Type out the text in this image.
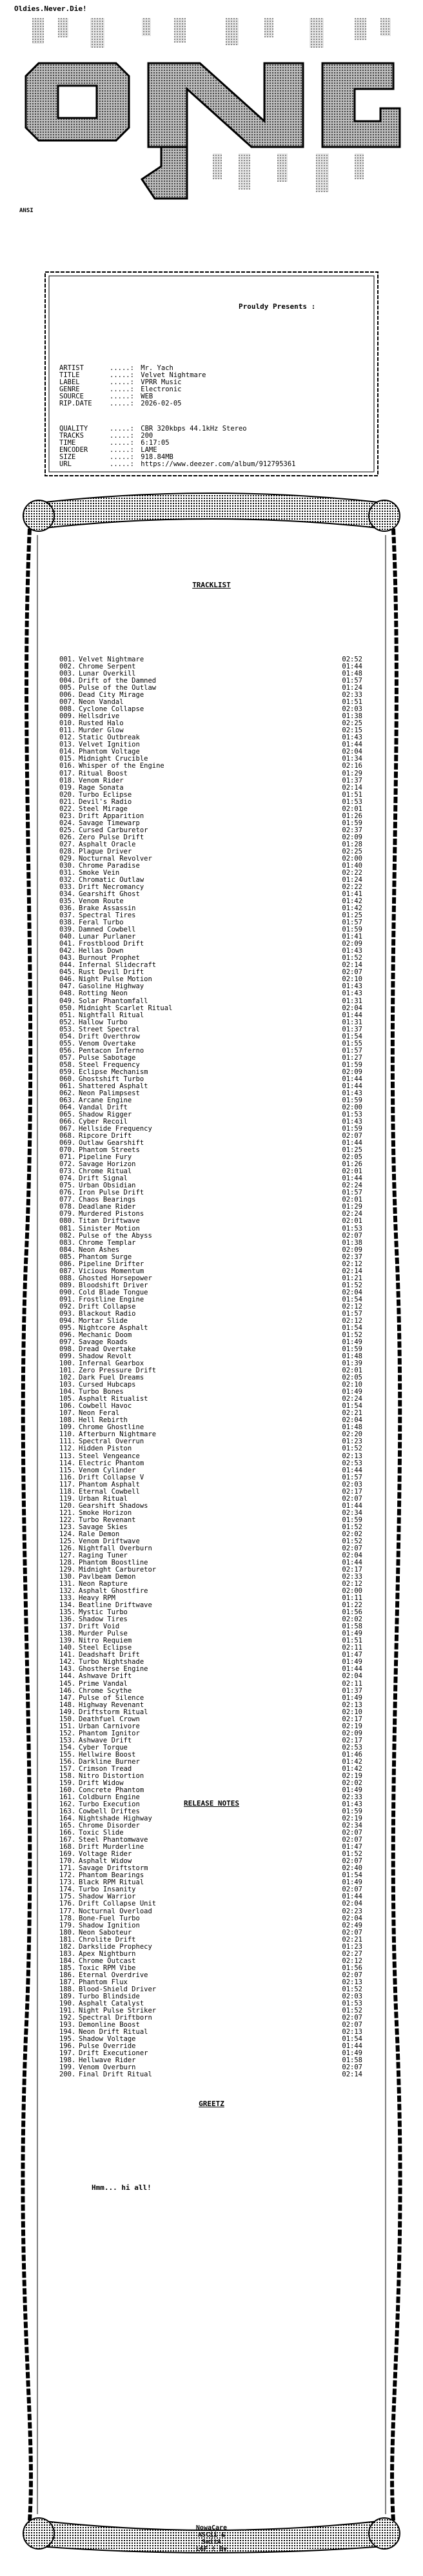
Oldies.Never.Die!
ANSI
Prouldy Presents :
ARTIST	.....: Mr. Yach
TITLE	.....: Velvet Nightmare
LABEL	.....: VPRR Music
GENRE	.....: Electronic
SOURCE	.....: WEB
RIP.DATE	.....: 2026-02-05
QUALITY	.....: CBR 320kbps 44.1kHz Stereo
TRACKS	.....: 200
TIME	.....: 6:17:05
ENCODER	.....: LAME
SIZE	.....: 918.84MB
URL	.....: https://www.deezer.com/album/912795361
TRACKLIST
001. Velvet Nightmare	02:52
002. Chrome Serpent	01:44
003. Lunar Overkill	01:48
004. Drift of the Damned	01:57
005. Pulse of the Outlaw	01:24
006. Dead City Mirage	02:33
007. Neon Vandal	01:51
008. Cyclone Collapse	02:03
009. Hellsdrive	01:38
010. Rusted Halo	02:25
011. Murder Glow	02:15
012. Static Outbreak	01:43
013. Velvet Ignition	01:44
014. Phantom Voltage	02:04
015. Midnight Crucible	01:34
016. Whisper of the Engine	02:16
017. Ritual Boost	01:29
018. Venom Rider	01:37
019. Rage Sonata	02:14
020. Turbo Eclipse	01:51
021. Devil's Radio	01:53
022. Steel Mirage	02:01
023. Drift Apparition	01:26
024. Savage Timewarp	01:59
025. Cursed Carburetor	02:37
026. Zero Pulse Drift	02:09
027. Asphalt Oracle	01:28
028. Plague Driver	02:25
029. Nocturnal Revolver	02:00
030. Chrome Paradise	01:40
031. Smoke Vein	02:22
032. Chromatic Outlaw	01:24
033. Drift Necromancy	02:22
034. Gearshift Ghost	01:41
035. Venom Route	01:42
036. Brake Assassin	01:42
037. Spectral Tires	01:25
038. Feral Turbo	01:57
039. Damned Cowbell	01:59
040. Lunar Purlaner	01:41
041. Frostblood Drift	02:09
042. Hellas Down	01:43
043. Burnout Prophet	01:52
044. Infernal Slidecraft	02:14
045. Rust Devil Drift	02:07
046. Night Pulse Motion	02:10
047. Gasoline Highway	01:43
048. Rotting Neon	01:43
049. Solar Phantomfall	01:31
050. Midnight Scarlet Ritual	02:04
051. Nightfall Ritual	01:44
052. Hallow Turbo	01:31
053. Street Spectral	01:37
054. Drift Overthrow	01:54
055. Venom Overtake	01:55
056. Pentacon Inferno	01:57
057. Pulse Sabotage	01:27
058. Steel Frequency	01:59
059. Eclipse Mechanism	02:09
060. Ghostshift Turbo	01:44
061. Shattered Asphalt	01:44
062. Neon Palimpsest	01:43
063. Arcane Engine	01:59
064. Vandal Drift	02:00
065. Shadow Rigger	01:53
066. Cyber Recoil	01:43
067. Hellside Frequency	01:59
068. Ripcore Drift	02:07
069. Outlaw Gearshift	01:44
070. Phantom Streets	01:25
071. Pipeline Fury	02:05
072. Savage Horizon	01:26
073. Chrome Ritual	02:01
074. Drift Signal	01:44
075. Urban Obsidian	02:24
076. Iron Pulse Drift	01:57
077. Chaos Bearings	02:01
078. Deadlane Rider	01:29
079. Murdered Pistons	02:24
080. Titan Driftwave	02:01
081. Sinister Motion	01:53
082. Pulse of the Abyss	02:07
083. Chrome Templar	01:38
084. Neon Ashes	02:09
085. Phantom Surge	02:37
086. Pipeline Drifter	02:12
087. Vicious Momentum	02:14
088. Ghosted Horsepower	01:21
089. Bloodshift Driver	01:52
090. Cold Blade Tongue	02:04
091. Frostline Engine	01:54
092. Drift Collapse	02:12
093. Blackout Radio	01:57
094. Mortar Slide	02:12
095. Nightcore Asphalt	01:54
096. Mechanic Doom	01:52
097. Savage Roads	01:49
098. Dread Overtake	01:59
099. Shadow Revolt	01:48
100. Infernal Gearbox	01:39
101. Zero Pressure Drift	02:01
102. Dark Fuel Dreams	02:05
103. Cursed Hubcaps	02:10
104. Turbo Bones	01:49
105. Asphalt Ritualist	02:24
106. Cowbell Havoc	01:54
107. Neon Feral	02:21
108. Hell Rebirth	02:04
109. Chrome Ghostline	01:48
110. Afterburn Nightmare	02:20
111. Spectral Overrun	01:23
112. Hidden Piston	01:52
113. Steel Vengeance	02:13
114. Electric Phantom	02:53
115. Venom Cylinder	01:44
116. Drift Collapse V	01:57
117. Phantom Asphalt	02:03
118. Eternal Cowbell	02:17
119. Urban Ritual	02:07
120. Gearshift Shadows	01:44
121. Smoke Horizon	02:34
122. Turbo Revenant	01:59
123. Savage Skies	01:52
124. Rale Demon	02:02
125. Venom Driftwave	01:52
126. Nightfall Overburn	02:07
127. Raging Tuner	02:04
128. Phantom Boostline	01:44
129. Midnight Carburetor	02:17
130. Pavlbeam Demon	02:33
131. Neon Rapture	02:12
132. Asphalt Ghostfire	02:00
133. Heavy RPM	01:11
134. Beatline Driftwave	01:22
135. Mystic Turbo	01:56
136. Shadow Tires	02:02
137. Drift Void	01:58
138. Murder Pulse	01:49
139. Nitro Requiem	01:51
140. Steel Eclipse	02:11
141. Deadshaft Drift	01:47
142. Turbo Nightshade	01:49
143. Ghostherse Engine	01:44
144. Ashwave Drift	02:04
145. Prime Vandal	02:11
146. Chrome Scythe	01:37
147. Pulse of Silence	01:49
148. Highway Revenant	02:13
149. Driftstorm Ritual	02:10
150. Deathfuel Crown	02:17
151. Urban Carnivore	02:19
152. Phantom Ignitor	02:09
153. Ashwave Drift	02:17
154. Cyber Torque	02:53
155. Hellwire Boost	01:46
156. Darkline Burner	01:42
157. Crimson Tread	01:42
158. Nitro Distortion	02:19
159. Drift Widow	02:02
160. Concrete Phantom	01:49
161. Coldburn Engine	02:33
162. Turbo Execution	01:43
163. Cowbell Driftes	01:59
164. Nightshade Highway	02:19
165. Chrome Disorder	02:34
166. Toxic Slide	02:07
167. Steel Phantomwave	02:07
168. Drift Murderline	01:47
169. Voltage Rider	01:52
170. Asphalt Widow	02:07
171. Savage Driftstorm	02:40
172. Phantom Bearings	01:54
173. Black RPM Ritual	01:49
174. Turbo Insanity	02:07
175. Shadow Warrior	01:44
176. Drift Collapse Unit	02:04
177. Nocturnal Overload	02:23
178. Bone-Fuel Turbo	02:04
179. Shadow Ignition	02:49
180. Neon Saboteur	02:07
181. Chrolite Drift	02:21
182. Darkslide Prophecy	01:23
183. Apex Nightburn	02:27
184. Chrome Outcast	02:12
185. Toxic RPM Vibe	01:56
186. Eternal Overdrive	02:07
187. Phantom Flux	02:13
188. Blood-Shield Driver	01:52
189. Turbo Blindside	02:03
190. Asphalt Catalyst	01:53
191. Night Pulse Striker	01:52
192. Spectral Driftborn	02:07
193. Demonline Boost	02:07
194. Neon Drift Ritual	02:13
195. Shadow Voltage	01:54
196. Pulse Override	01:44
197. Drift Executioner	01:49
198. Hellwave Rider	01:58
199. Venom Overburn	02:07
200. Final Drift Ritual	02:14
RELEASE NOTES
GREETZ
Hmm... hi all!
NowaCare
ASCii &
SmitA
LGF ! Bv
